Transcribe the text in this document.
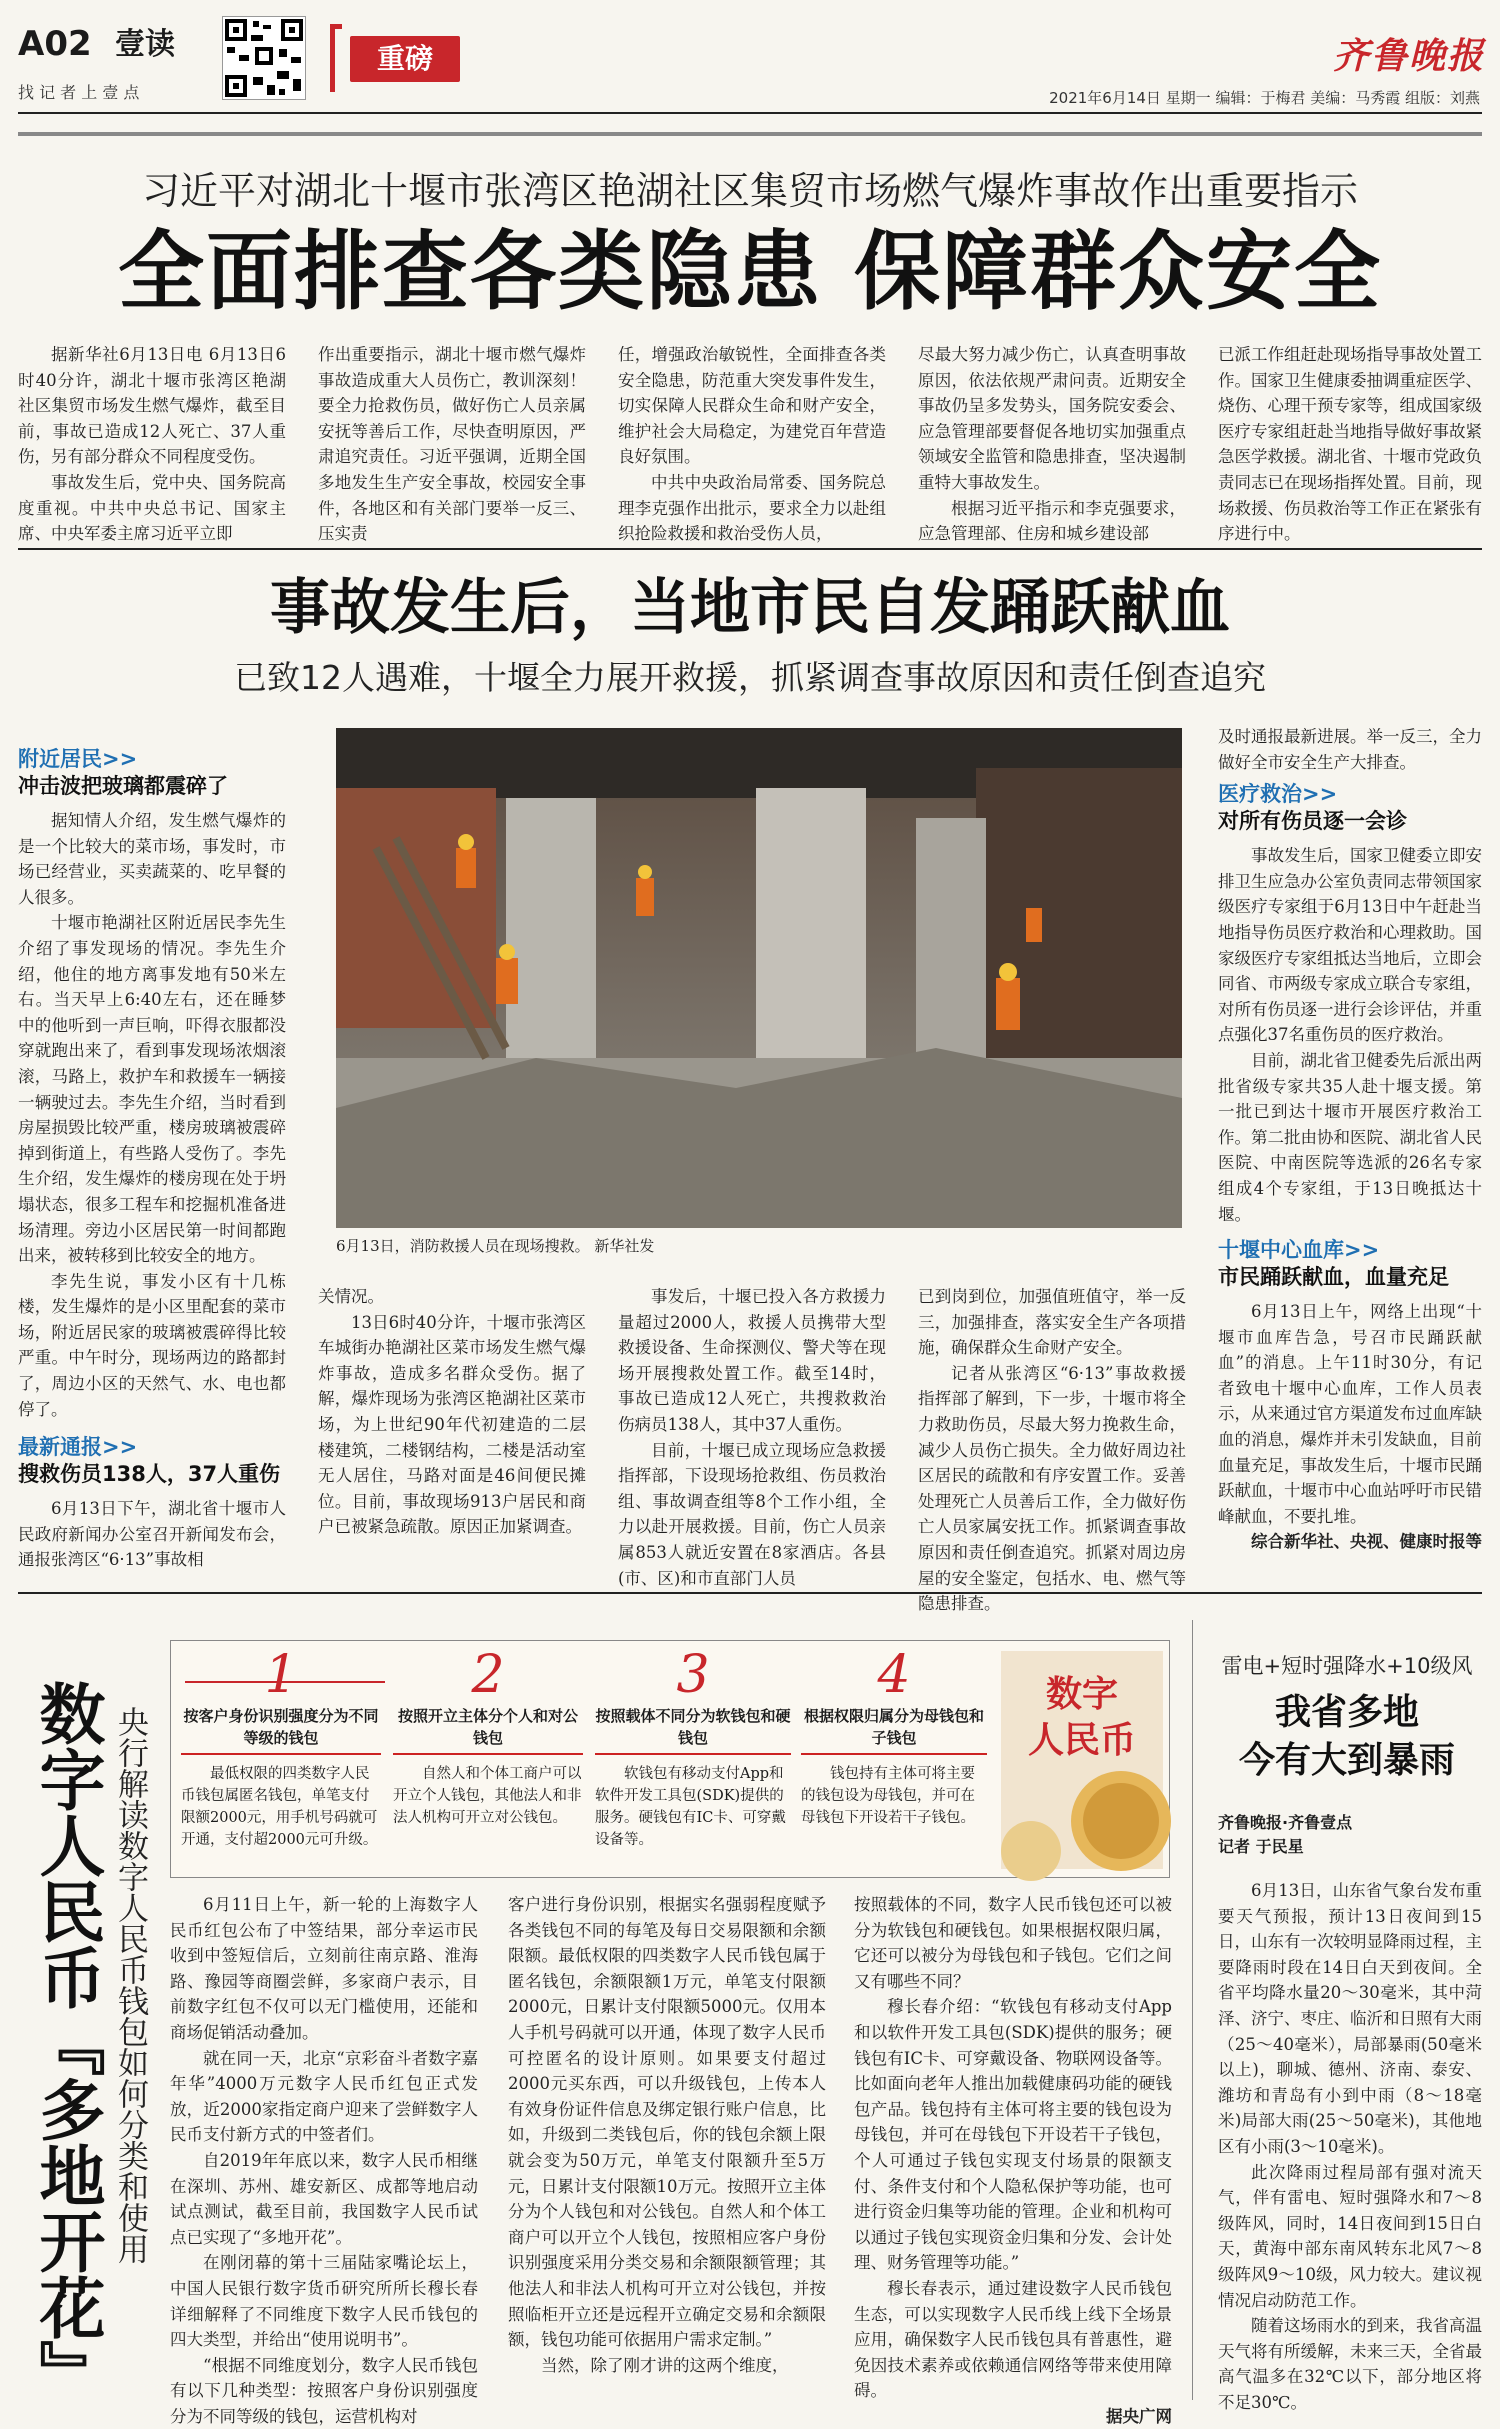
A02 壹读
找 记 者 上 壹 点
重磅
2021年6月14日 星期一 编辑：于梅君 美编：马秀霞 组版：刘燕
齐鲁晚报
习近平对湖北十堰市张湾区艳湖社区集贸市场燃气爆炸事故作出重要指示
全面排查各类隐患 保障群众安全

据新华社6月13日电 6月13日6时40分许，湖北十堰市张湾区艳湖社区集贸市场发生燃气爆炸，截至目前，事故已造成12人死亡、37人重伤，另有部分群众不同程度受伤。

事故发生后，党中央、国务院高度重视。中共中央总书记、国家主席、中央军委主席习近平立即

作出重要指示，湖北十堰市燃气爆炸事故造成重大人员伤亡，教训深刻！要全力抢救伤员，做好伤亡人员亲属安抚等善后工作，尽快查明原因，严肃追究责任。习近平强调，近期全国多地发生生产安全事故，校园安全事件，各地区和有关部门要举一反三、压实责

任，增强政治敏锐性，全面排查各类安全隐患，防范重大突发事件发生，切实保障人民群众生命和财产安全，维护社会大局稳定，为建党百年营造良好氛围。

中共中央政治局常委、国务院总理李克强作出批示，要求全力以赴组织抢险救援和救治受伤人员，

尽最大努力减少伤亡，认真查明事故原因，依法依规严肃问责。近期安全事故仍呈多发势头，国务院安委会、应急管理部要督促各地切实加强重点领域安全监管和隐患排查，坚决遏制重特大事故发生。

根据习近平指示和李克强要求，应急管理部、住房和城乡建设部

已派工作组赶赴现场指导事故处置工作。国家卫生健康委抽调重症医学、烧伤、心理干预专家等，组成国家级医疗专家组赶赴当地指导做好事故紧急医学救援。湖北省、十堰市党政负责同志已在现场指挥处置。目前，现场救援、伤员救治等工作正在紧张有序进行中。

事故发生后，当地市民自发踊跃献血
已致12人遇难，十堰全力展开救援，抓紧调查事故原因和责任倒查追究
附近居民>>
冲击波把玻璃都震碎了

据知情人介绍，发生燃气爆炸的是一个比较大的菜市场，事发时，市场已经营业，买卖蔬菜的、吃早餐的人很多。

十堰市艳湖社区附近居民李先生介绍了事发现场的情况。李先生介绍，他住的地方离事发地有50米左右。当天早上6:40左右，还在睡梦中的他听到一声巨响，吓得衣服都没穿就跑出来了，看到事发现场浓烟滚滚，马路上，救护车和救援车一辆接一辆驶过去。李先生介绍，当时看到房屋损毁比较严重，楼房玻璃被震碎掉到街道上，有些路人受伤了。李先生介绍，发生爆炸的楼房现在处于坍塌状态，很多工程车和挖掘机准备进场清理。旁边小区居民第一时间都跑出来，被转移到比较安全的地方。

李先生说，事发小区有十几栋楼，发生爆炸的是小区里配套的菜市场，附近居民家的玻璃被震碎得比较严重。中午时分，现场两边的路都封了，周边小区的天然气、水、电也都停了。

最新通报>>
搜救伤员138人，37人重伤

6月13日下午，湖北省十堰市人民政府新闻办公室召开新闻发布会，通报张湾区“6·13”事故相

6月13日，消防救援人员在现场搜救。 新华社发

关情况。

13日6时40分许，十堰市张湾区车城街办艳湖社区菜市场发生燃气爆炸事故，造成多名群众受伤。据了解，爆炸现场为张湾区艳湖社区菜市场，为上世纪90年代初建造的二层楼建筑，二楼钢结构，二楼是活动室无人居住，马路对面是46间便民摊位。目前，事故现场913户居民和商户已被紧急疏散。原因正加紧调查。

事发后，十堰已投入各方救援力量超过2000人，救援人员携带大型救援设备、生命探测仪、警犬等在现场开展搜救处置工作。截至14时，事故已造成12人死亡，共搜救救治伤病员138人，其中37人重伤。

目前，十堰已成立现场应急救援指挥部，下设现场抢救组、伤员救治组、事故调查组等8个工作小组，全力以赴开展救援。目前，伤亡人员亲属853人就近安置在8家酒店。各县(市、区)和市直部门人员

已到岗到位，加强值班值守，举一反三，加强排查，落实安全生产各项措施，确保群众生命财产安全。

记者从张湾区“6·13”事故救援指挥部了解到，下一步，十堰市将全力救助伤员，尽最大努力挽救生命，减少人员伤亡损失。全力做好周边社区居民的疏散和有序安置工作。妥善处理死亡人员善后工作，全力做好伤亡人员家属安抚工作。抓紧调查事故原因和责任倒查追究。抓紧对周边房屋的安全鉴定，包括水、电、燃气等隐患排查。

及时通报最新进展。举一反三，全力做好全市安全生产大排查。

医疗救治>>
对所有伤员逐一会诊

事故发生后，国家卫健委立即安排卫生应急办公室负责同志带领国家级医疗专家组于6月13日中午赶赴当地指导伤员医疗救治和心理救助。国家级医疗专家组抵达当地后，立即会同省、市两级专家成立联合专家组，对所有伤员逐一进行会诊评估，并重点强化37名重伤员的医疗救治。

目前，湖北省卫健委先后派出两批省级专家共35人赴十堰支援。第一批已到达十堰市开展医疗救治工作。第二批由协和医院、湖北省人民医院、中南医院等选派的26名专家组成4个专家组，于13日晚抵达十堰。

十堰中心血库>>
市民踊跃献血，血量充足

6月13日上午，网络上出现“十堰市血库告急，号召市民踊跃献血”的消息。上午11时30分，有记者致电十堰中心血库，工作人员表示，从来通过官方渠道发布过血库缺血的消息，爆炸并未引发缺血，目前血量充足，事故发生后，十堰市民踊跃献血，十堰市中心血站呼吁市民错峰献血，不要扎堆。

综合新华社、央视、健康时报等

数字人民币『多地开花』 央行解读数字人民币钱包如何分类和使用
1
按客户身份识别强度分为不同等级的钱包
最低权限的四类数字人民币钱包属匿名钱包，单笔支付限额2000元，用手机号码就可开通，支付超2000元可升级。
2
按照开立主体分个人和对公钱包
自然人和个体工商户可以开立个人钱包，其他法人和非法人机构可开立对公钱包。
3
按照载体不同分为软钱包和硬钱包
软钱包有移动支付App和软件开发工具包(SDK)提供的服务。硬钱包有IC卡、可穿戴设备等。
4
根据权限归属分为母钱包和子钱包
钱包持有主体可将主要的钱包设为母钱包，并可在母钱包下开设若干子钱包。
数字
人民币

6月11日上午，新一轮的上海数字人民币红包公布了中签结果，部分幸运市民收到中签短信后，立刻前往南京路、淮海路、豫园等商圈尝鲜，多家商户表示，目前数字红包不仅可以无门槛使用，还能和商场促销活动叠加。

就在同一天，北京“京彩奋斗者数字嘉年华”4000万元数字人民币红包正式发放，近2000家指定商户迎来了尝鲜数字人民币支付新方式的中签者们。

自2019年年底以来，数字人民币相继在深圳、苏州、雄安新区、成都等地启动试点测试，截至目前，我国数字人民币试点已实现了“多地开花”。

在刚闭幕的第十三届陆家嘴论坛上，中国人民银行数字货币研究所所长穆长春详细解释了不同维度下数字人民币钱包的四大类型，并给出“使用说明书”。

“根据不同维度划分，数字人民币钱包有以下几种类型：按照客户身份识别强度分为不同等级的钱包，运营机构对

客户进行身份识别，根据实名强弱程度赋予各类钱包不同的每笔及每日交易限额和余额限额。最低权限的四类数字人民币钱包属于匿名钱包，余额限额1万元，单笔支付限额2000元，日累计支付限额5000元。仅用本人手机号码就可以开通，体现了数字人民币可控匿名的设计原则。如果要支付超过2000元买东西，可以升级钱包，上传本人有效身份证件信息及绑定银行账户信息，比如，升级到二类钱包后，你的钱包余额上限就会变为50万元，单笔支付限额升至5万元，日累计支付限额10万元。按照开立主体分为个人钱包和对公钱包。自然人和个体工商户可以开立个人钱包，按照相应客户身份识别强度采用分类交易和余额限额管理；其他法人和非法人机构可开立对公钱包，并按照临柜开立还是远程开立确定交易和余额限额，钱包功能可依据用户需求定制。”

当然，除了刚才讲的这两个维度，

按照载体的不同，数字人民币钱包还可以被分为软钱包和硬钱包。如果根据权限归属，它还可以被分为母钱包和子钱包。它们之间又有哪些不同？

穆长春介绍：“软钱包有移动支付App和以软件开发工具包(SDK)提供的服务；硬钱包有IC卡、可穿戴设备、物联网设备等。比如面向老年人推出加载健康码功能的硬钱包产品。钱包持有主体可将主要的钱包设为母钱包，并可在母钱包下开设若干子钱包，个人可通过子钱包实现支付场景的限额支付、条件支付和个人隐私保护等功能，也可进行资金归集等功能的管理。企业和机构可以通过子钱包实现资金归集和分发、会计处理、财务管理等功能。”

穆长春表示，通过建设数字人民币钱包生态，可以实现数字人民币线上线下全场景应用，确保数字人民币钱包具有普惠性，避免因技术素养或依赖通信网络等带来使用障碍。

据央广网

雷电+短时强降水+10级风
我省多地
今有大到暴雨
齐鲁晚报·齐鲁壹点
记者 于民星

6月13日，山东省气象台发布重要天气预报，预计13日夜间到15日，山东有一次较明显降雨过程，主要降雨时段在14日白天到夜间。全省平均降水量20～30毫米，其中菏泽、济宁、枣庄、临沂和日照有大雨（25～40毫米），局部暴雨(50毫米以上)，聊城、德州、济南、泰安、潍坊和青岛有小到中雨（8～18毫米)局部大雨(25～50毫米)，其他地区有小雨(3～10毫米)。

此次降雨过程局部有强对流天气，伴有雷电、短时强降水和7～8级阵风，同时，14日夜间到15日白天，黄海中部东南风转东北风7～8级阵风9～10级，风力较大。建议视情况启动防范工作。

随着这场雨水的到来，我省高温天气将有所缓解，未来三天，全省最高气温多在32℃以下，部分地区将不足30℃。
